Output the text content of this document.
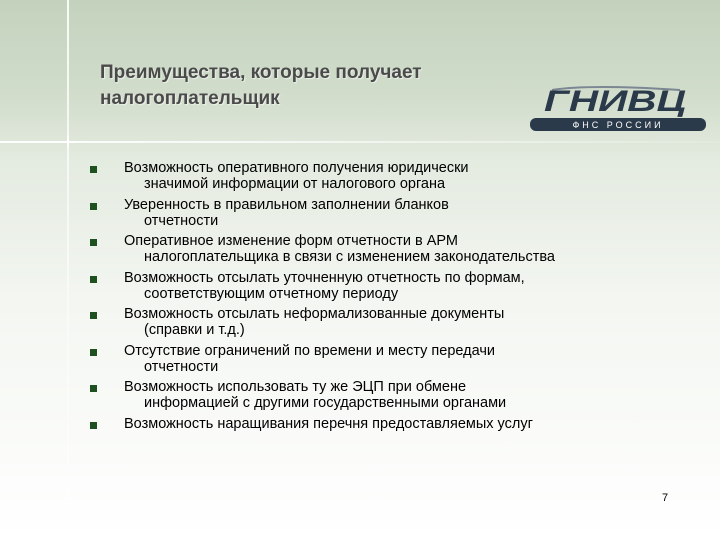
Преимущества, которые получает
налогоплательщик	ГНИВЦ
ФНС РОССИИ
Возможность оперативного получения юридически
значимой информации от налогового органа
Уверенность в правильном заполнении бланков
отчетности
Оперативное изменение форм отчетности в АРМ
налогоплательщика в связи с изменением законодательства
Возможность отсылать уточненную отчетность по формам,
соответствующим отчетному периоду
Возможность отсылать неформализованные документы
(справки и т.д.)
Отсутствие ограничений по времени и месту передачи
отчетности
Возможность использовать ту же ЭЦП при обмене
информацией с другими государственными органами
Возможность наращивания перечня предоставляемых услуг
7
